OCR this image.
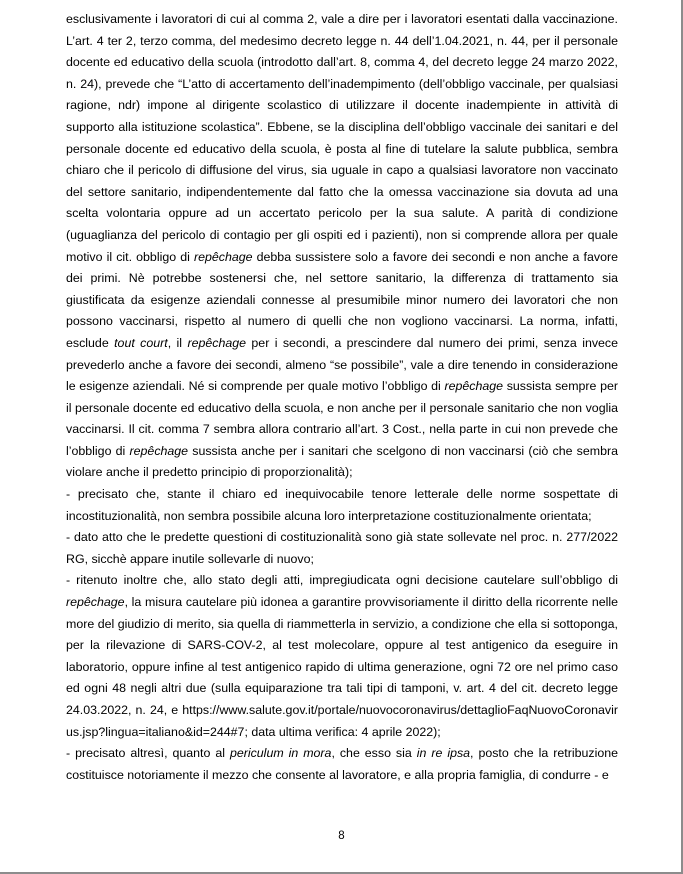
esclusivamente i lavoratori di cui al comma 2, vale a dire per i lavoratori esentati dalla vaccinazione. L’art. 4 ter 2, terzo comma, del medesimo decreto legge n. 44 dell’1.04.2021, n. 44, per il personale docente ed educativo della scuola (introdotto dall’art. 8, comma 4, del decreto legge 24 marzo 2022, n. 24), prevede che “L’atto di accertamento dell’inadempimento (dell’obbligo vaccinale, per qualsiasi ragione, ndr) impone al dirigente scolastico di utilizzare il docente inadempiente in attività di supporto alla istituzione scolastica”. Ebbene, se la disciplina dell’obbligo vaccinale dei sanitari e del personale docente ed educativo della scuola, è posta al fine di tutelare la salute pubblica, sembra chiaro che il pericolo di diffusione del virus, sia uguale in capo a qualsiasi lavoratore non vaccinato del settore sanitario, indipendentemente dal fatto che la omessa vaccinazione sia dovuta ad una scelta volontaria oppure ad un accertato pericolo per la sua salute. A parità di condizione (uguaglianza del pericolo di contagio per gli ospiti ed i pazienti), non si comprende allora per quale motivo il cit. obbligo di repêchage debba sussistere solo a favore dei secondi e non anche a favore dei primi. Nè potrebbe sostenersi che, nel settore sanitario, la differenza di trattamento sia giustificata da esigenze aziendali connesse al presumibile minor numero dei lavoratori che non possono vaccinarsi, rispetto al numero di quelli che non vogliono vaccinarsi. La norma, infatti, esclude tout court, il repêchage per i secondi, a prescindere dal numero dei primi, senza invece prevederlo anche a favore dei secondi, almeno “se possibile”, vale a dire tenendo in considerazione le esigenze aziendali. Né si comprende per quale motivo l’obbligo di repêchage sussista sempre per il personale docente ed educativo della scuola, e non anche per il personale sanitario che non voglia vaccinarsi. Il cit. comma 7 sembra allora contrario all’art. 3 Cost., nella parte in cui non prevede che l’obbligo di repêchage sussista anche per i sanitari che scelgono di non vaccinarsi (ciò che sembra violare anche il predetto principio di proporzionalità);

- precisato che, stante il chiaro ed inequivocabile tenore letterale delle norme sospettate di incostituzionalità, non sembra possibile alcuna loro interpretazione costituzionalmente orientata;

- dato atto che le predette questioni di costituzionalità sono già state sollevate nel proc. n. 277/2022 RG, sicchè appare inutile sollevarle di nuovo;

- ritenuto inoltre che, allo stato degli atti, impregiudicata ogni decisione cautelare sull’obbligo di repêchage, la misura cautelare più idonea a garantire provvisoriamente il diritto della ricorrente nelle more del giudizio di merito, sia quella di riammetterla in servizio, a condizione che ella si sottoponga, per la rilevazione di SARS-COV-2, al test molecolare, oppure al test antigenico da eseguire in laboratorio, oppure infine al test antigenico rapido di ultima generazione, ogni 72 ore nel primo caso ed ogni 48 negli altri due (sulla equiparazione tra tali tipi di tamponi, v. art. 4 del cit. decreto legge 24.03.2022, n. 24, e https://www.salute.gov.it/portale/nuovocoronavirus/dettaglioFaqNuovoCoronavirus.jsp?lingua=italiano&id=244#7; data ultima verifica: 4 aprile 2022);

- precisato altresì, quanto al periculum in mora, che esso sia in re ipsa, posto che la retribuzione costituisce notoriamente il mezzo che consente al lavoratore, e alla propria famiglia, di condurre - e

8
